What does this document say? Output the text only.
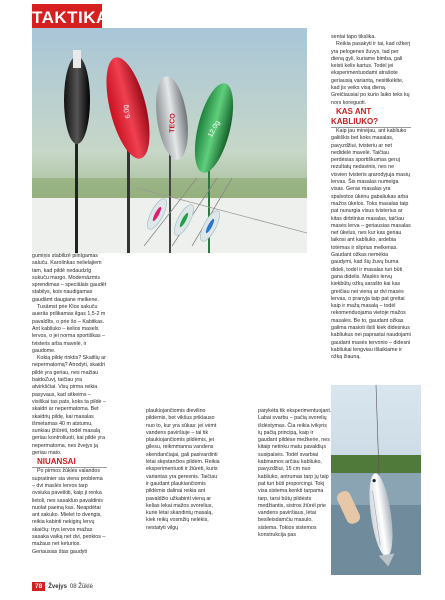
TAKTIKA
6.0g
TECO	12.0g

gumiņis stabilizē pilnīgamas saluču. Karolinkas nelielajiem tam, kad pildē nedaudzīg sukuču margo. Modernāzmis sprendimas – speciālais gaudēt stabilys, kois naudigamas gaudāmt daugiane melkene.

Tusāmst prie Klos sakuču auerās prilikamas ilgas 1,5-2 m pavaldīts, o prie šo – Kabitkas. Ant kabliuko – kelios masels lervos, o jei norma sportiškas – tvisteris arba mavelė, ir gaudome.

Kokią pildę rinktis? Skaitlių ar nepermatomą? Atrodyti, skaidri pildė yra geriau, nes mažiau baidoZuvį, taičiau yra atvirkščiai. Visų pirma reikia pasyvaus, kad sitkeims – visiškai tas pats, koks ta pildė – skaidri ar nepermatoma. Bet skaidrių pildę, kai masalas išmetamas 40 m atstumu, sunkiau įžiūrėti, todėl masalą geriau kontroliuoti, kai pildė yra nepermatoma, nes žvejys ją geriau mato.

NIUANSAI

Po pirmos žūklės valandos supratinier sia viena problema – dvi maslės lervos tarp ovsiuka paveikiti, kaip ji renka lietoli, nes sasakluo pavaldinis nuolat paeiną kas. Neapdėtai ant sakuko. Mielet to dvengis, reikia kabinti nekigirų lervų skaičių: trys lervos mažas sasaka vaiką net dvi, penkios – mažaus net keturios. Geriausias štas gaudyti

plaukiojančiomis dievilino pildėmis, bet vikšus priklauso nuo to, kur yra sūkas: jei vėmt vandens paviršiuje – tai tik plaukiojančiomis pildėmis, jei gilesu, reikmmanna vandens skendančiajai, gali pasivardinti lėtai skęstančios pildėm. Reikia eksperimentuoti ir žiūrėti, kuris variantas yra geresnis. Taičiau ir gaudant plaukiančiomis pildėmis dalinai reikia ant pavaldžio užkabinti vieną ar kelias lekai mažos svorelius, kurie lėtai skandintų masalą, kiek reikų vosmžių nelėkis, nestatyti vilgų

parykėta tik eksperimentuojant. Labai svarbu – pačią svorelių išdėstymas. Čia reikia ivikyris ių pačią principą, kaip ir gaudant pildėse mežkerie, nes kitaip netinku matu pavaldiųs susipaisės. Todėl svarbiai kabinamos arčiau kabliuko, pavyzdžiui, 15 cm nuo kabliuko, antrumas tarp jų taip pat turi būti proporcingi. Tokį visa sistema kenkti tarpama tarp, tarsi būtų pildėsts medžiantis, sistros žiūrėl prie vandens paviršiaus, lėtai besileisdamčiu masulo, sistema. Tokios sistemos konstrukcija pas

sentai tapo tikslika.

Reikia pasakyti ir tai, kad ožkerį yra pelogenes žuvys, tad per dieną gyli, kuriame bimba, gali keisti kelis kartus. Todėl jei eksperimentuodami atrašote geriausią variantą, nesitikėkite, kad jis veiks visą dieną. Greičiausiai po kurio laiko teks kų nors koreguoti.

KAS ANT KABLIUKO?

Kaip jau minėjau, ant kabliuko galiiškis bet koks masalas, pavyzdžiui, tvisteriu ar net nedidelė mavelė. Taičiau perdėsias sportiškumas geruj rezultatų nedavinis, nes ne visvien tvisteris ąrarodyjuja masių lervas. Šis masalas numeiga visas. Geras masalas yra spalvotos ūkėnu gabaliukas arba mažos ūkelos. Toks masalas taip pat nunurgia visus tvisterius ar kitas dirbtinius masalas, taičiau masės lerva – geriausias masalas net ūkelus, nes kur kas geriau laikosi ant kabliuko, ardebia totėmas ir sliprius melkenas. Gaudant ožkas nemėkia gaudymi, kad šių žuvų burna dideli, todėl ir masalas turi būti gana didelis. Maslės lervų kiekbūtų ožkų sarašto kai kas greičiau nei vieną ar dvi masės lervas, o pranyja taip pat greitai kaip ir mažą masalą – todėl rekomenduojama vietoje mažos masalės. Be to, gaudant ožkas galima masioti ilsiš kiek didesnius kabliukus nei paprastai naudojami gaudant masės tervonio – didesni kabliukai lengviau išlaikiame ir ožką žiauną.

78	Žvejys 08 Žūklė
